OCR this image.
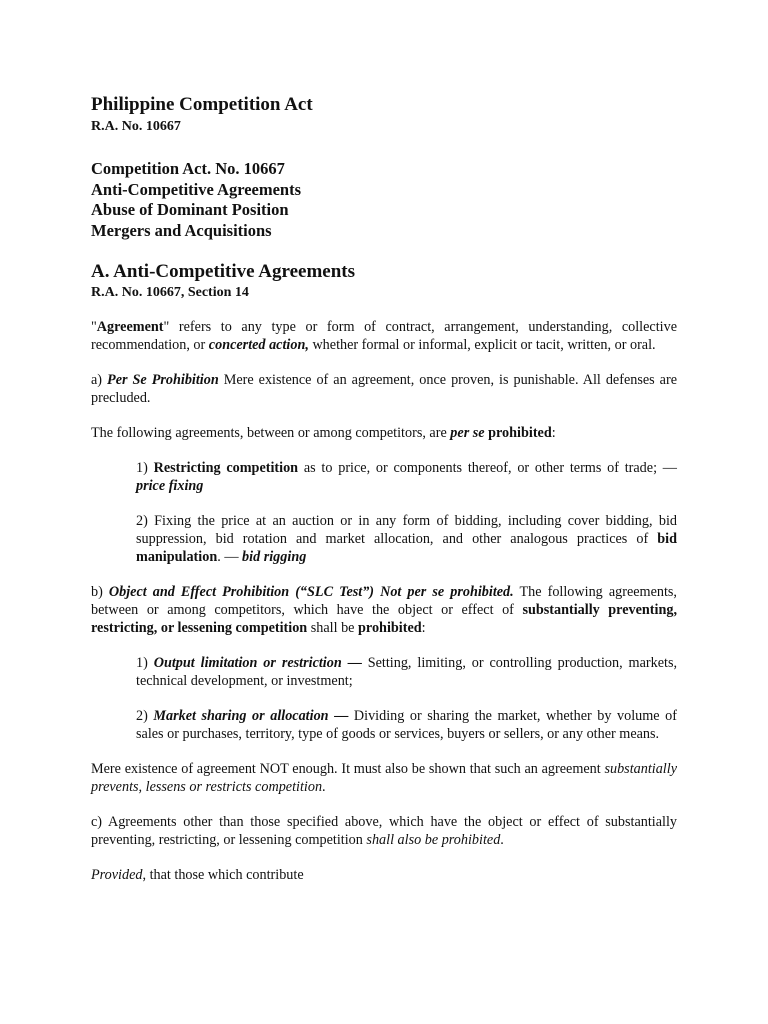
Philippine Competition Act
R.A. No. 10667
Competition Act. No. 10667
Anti-Competitive Agreements
Abuse of Dominant Position
Mergers and Acquisitions
A. Anti-Competitive Agreements
R.A. No. 10667, Section 14

"Agreement" refers to any type or form of contract, arrangement, understanding, collective recommendation, or concerted action, whether formal or informal, explicit or tacit, written, or oral.

a) Per Se Prohibition Mere existence of an agreement, once proven, is punishable. All defenses are precluded.

The following agreements, between or among competitors, are per se prohibited:

1) Restricting competition as to price, or components thereof, or other terms of trade; — price fixing

2) Fixing the price at an auction or in any form of bidding, including cover bidding, bid suppression, bid rotation and market allocation, and other analogous practices of bid manipulation. — bid rigging

b) Object and Effect Prohibition (“SLC Test”) Not per se prohibited. The following agreements, between or among competitors, which have the object or effect of substantially preventing, restricting, or lessening competition shall be prohibited:

1) Output limitation or restriction — Setting, limiting, or controlling production, markets, technical development, or investment;

2) Market sharing or allocation — Dividing or sharing the market, whether by volume of sales or purchases, territory, type of goods or services, buyers or sellers, or any other means.

Mere existence of agreement NOT enough. It must also be shown that such an agreement substantially prevents, lessens or restricts competition.

c) Agreements other than those specified above, which have the object or effect of substantially preventing, restricting, or lessening competition shall also be prohibited.

Provided, that those which contribute
